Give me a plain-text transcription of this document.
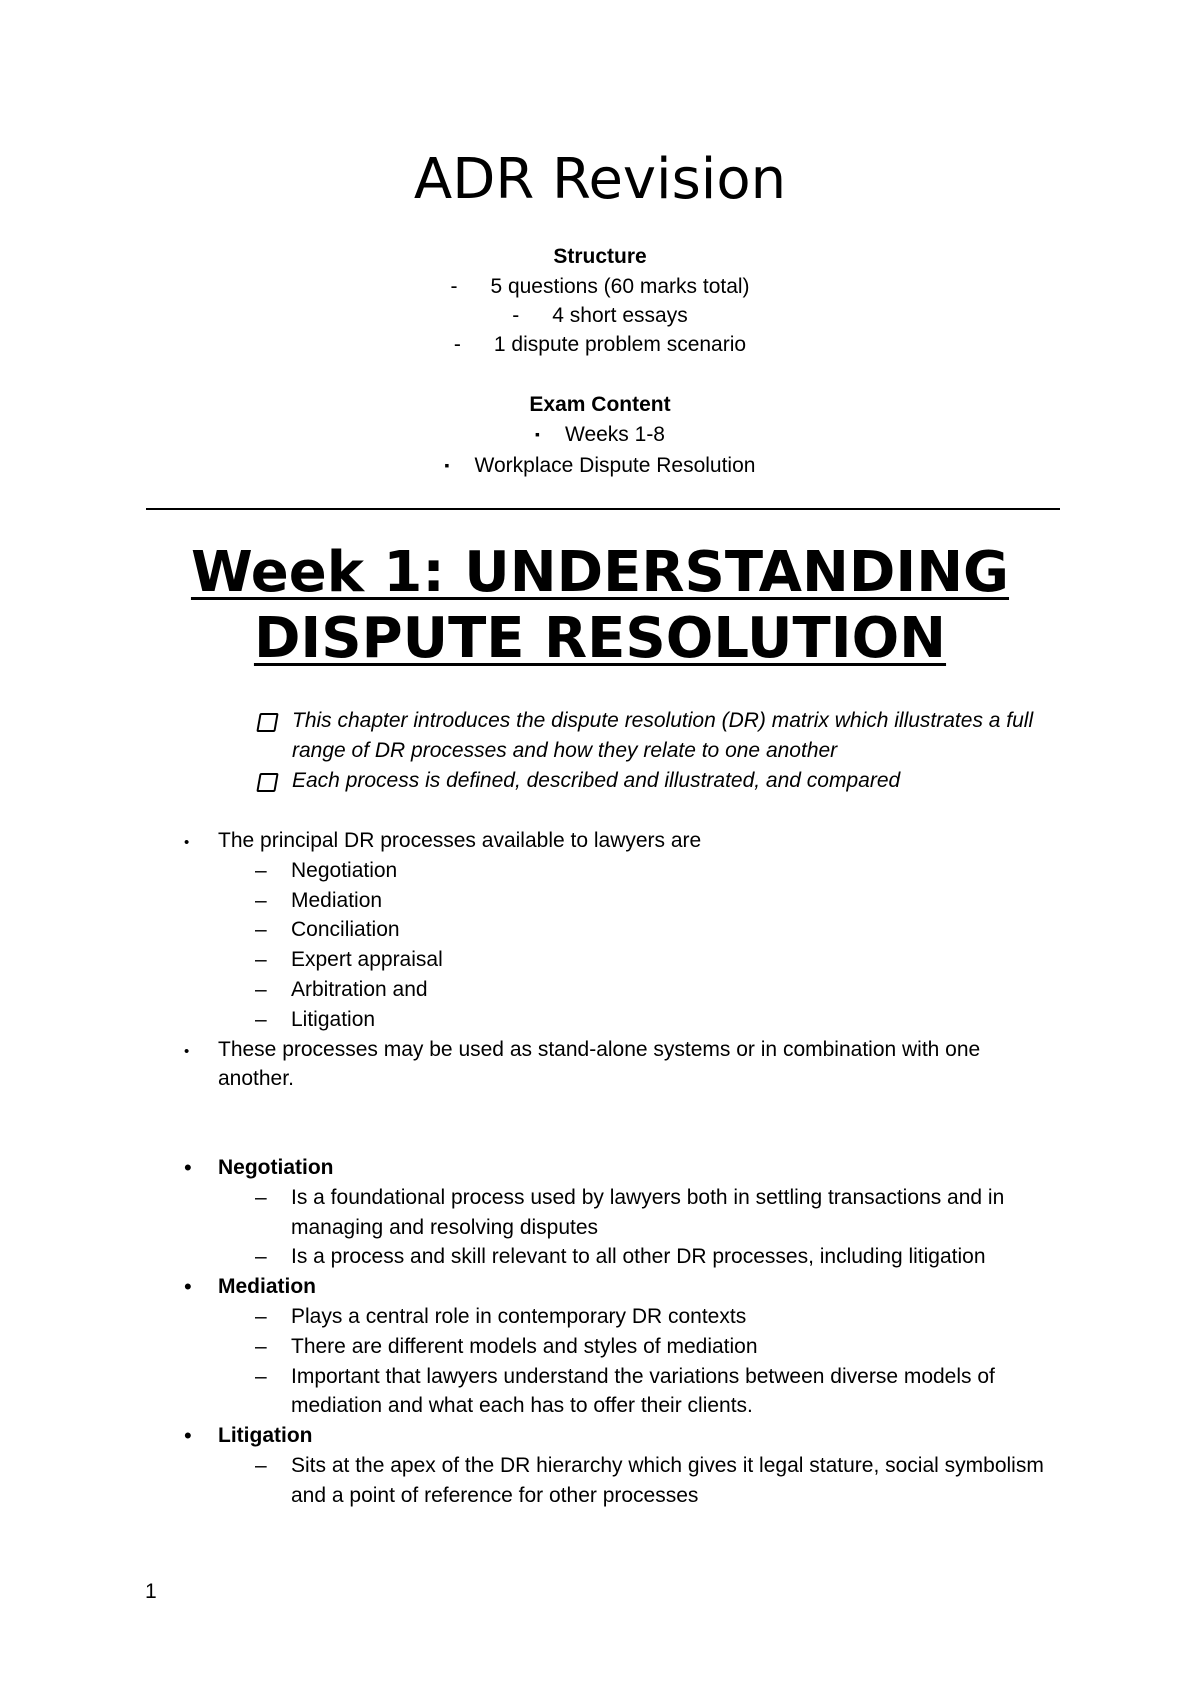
ADR Revision
Structure
- 5 questions (60 marks total)
- 4 short essays
- 1 dispute problem scenario
Exam Content
▪ Weeks 1-8
▪ Workplace Dispute Resolution
Week 1: UNDERSTANDING
DISPUTE RESOLUTION
This chapter introduces the dispute resolution (DR) matrix which illustrates a full range of DR processes and how they relate to one another
Each process is defined, described and illustrated, and compared
• The principal DR processes available to lawyers are
– Negotiation
– Mediation
– Conciliation
– Expert appraisal
– Arbitration and
– Litigation
• These processes may be used as stand-alone systems or in combination with one another.
• Negotiation
– Is a foundational process used by lawyers both in settling transactions and in managing and resolving disputes
– Is a process and skill relevant to all other DR processes, including litigation
• Mediation
– Plays a central role in contemporary DR contexts
– There are different models and styles of mediation
– Important that lawyers understand the variations between diverse models of mediation and what each has to offer their clients.
• Litigation
– Sits at the apex of the DR hierarchy which gives it legal stature, social symbolism and a point of reference for other processes
1
